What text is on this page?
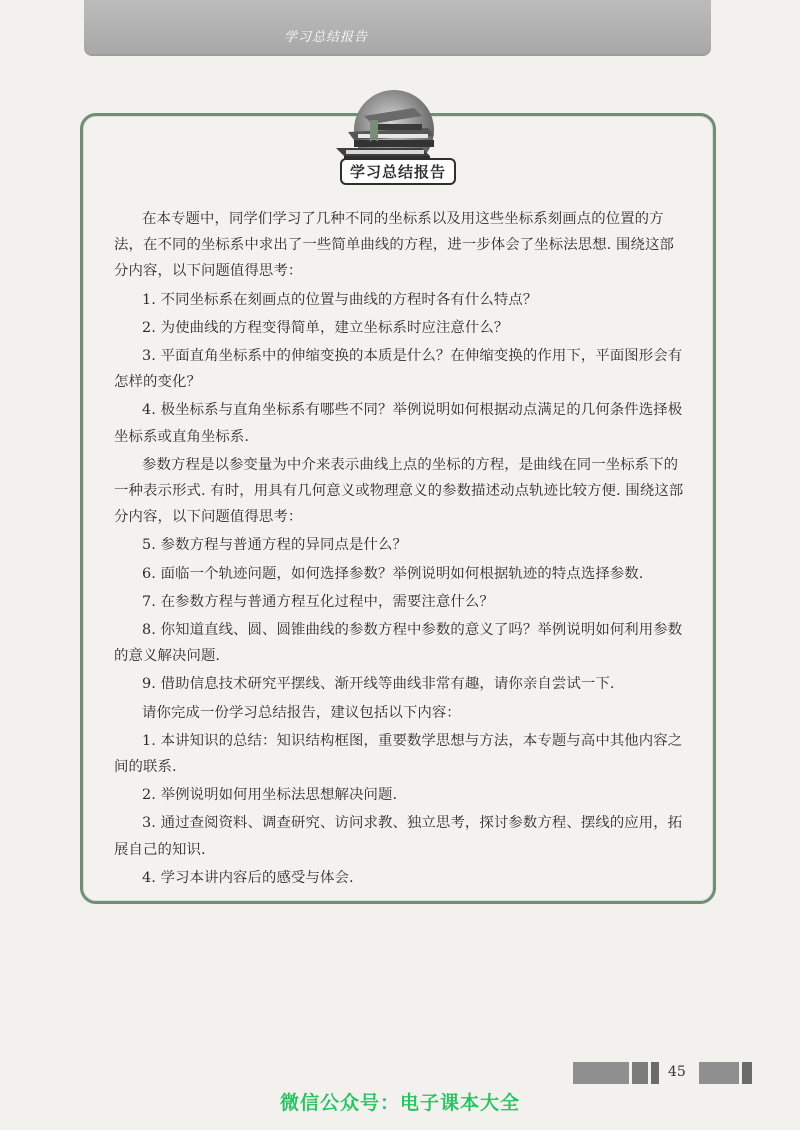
学习总结报告
学习总结报告

在本专题中，同学们学习了几种不同的坐标系以及用这些坐标系刻画点的位置的方法，在不同的坐标系中求出了一些简单曲线的方程，进一步体会了坐标法思想. 围绕这部分内容，以下问题值得思考：

1. 不同坐标系在刻画点的位置与曲线的方程时各有什么特点？

2. 为使曲线的方程变得简单，建立坐标系时应注意什么？

3. 平面直角坐标系中的伸缩变换的本质是什么？在伸缩变换的作用下，平面图形会有怎样的变化？

4. 极坐标系与直角坐标系有哪些不同？举例说明如何根据动点满足的几何条件选择极坐标系或直角坐标系.

参数方程是以参变量为中介来表示曲线上点的坐标的方程，是曲线在同一坐标系下的一种表示形式. 有时，用具有几何意义或物理意义的参数描述动点轨迹比较方便. 围绕这部分内容，以下问题值得思考：

5. 参数方程与普通方程的异同点是什么？

6. 面临一个轨迹问题，如何选择参数？举例说明如何根据轨迹的特点选择参数.

7. 在参数方程与普通方程互化过程中，需要注意什么？

8. 你知道直线、圆、圆锥曲线的参数方程中参数的意义了吗？举例说明如何利用参数的意义解决问题.

9. 借助信息技术研究平摆线、渐开线等曲线非常有趣，请你亲自尝试一下.

请你完成一份学习总结报告，建议包括以下内容：

1. 本讲知识的总结：知识结构框图，重要数学思想与方法，本专题与高中其他内容之间的联系.

2. 举例说明如何用坐标法思想解决问题.

3. 通过查阅资料、调查研究、访问求教、独立思考，探讨参数方程、摆线的应用，拓展自己的知识.

4. 学习本讲内容后的感受与体会.

45
微信公众号：电子课本大全
